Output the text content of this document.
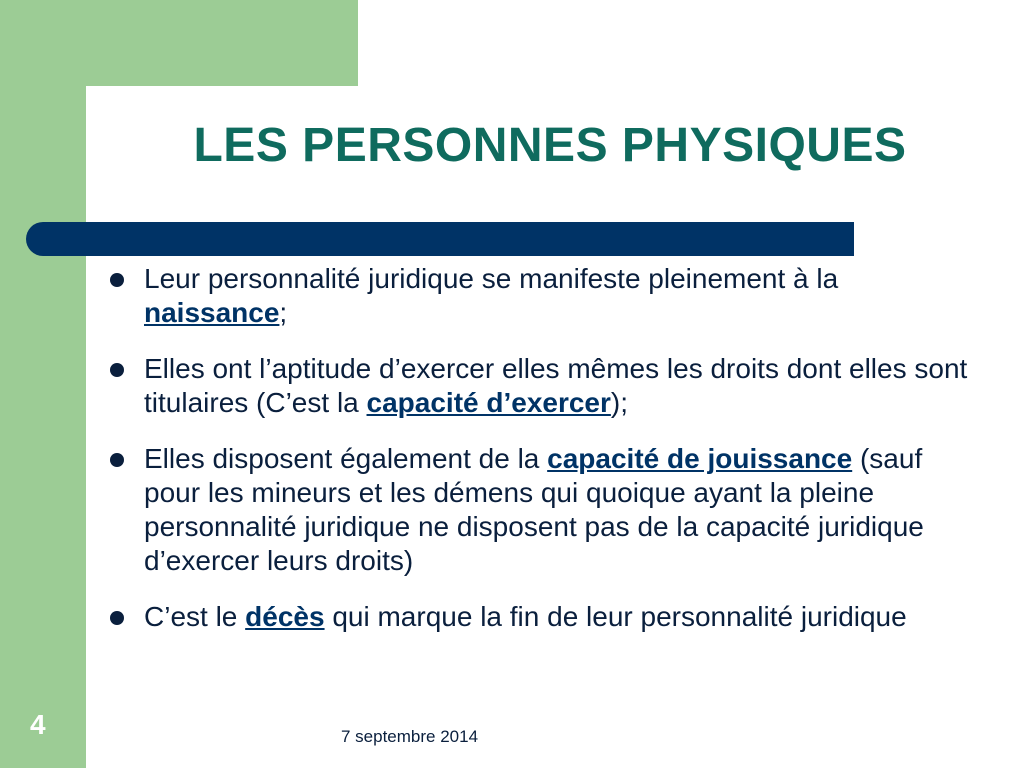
LES PERSONNES PHYSIQUES
Leur personnalité juridique se manifeste pleinement à la naissance;
Elles ont l’aptitude d’exercer elles mêmes les droits dont elles sont titulaires (C’est la capacité d’exercer);
Elles disposent également de la capacité de jouissance (sauf pour les mineurs et les démens qui quoique ayant la pleine personnalité juridique ne disposent pas de la capacité juridique d’exercer leurs droits)
C’est le décès qui marque la fin de leur personnalité juridique
4	7 septembre 2014
